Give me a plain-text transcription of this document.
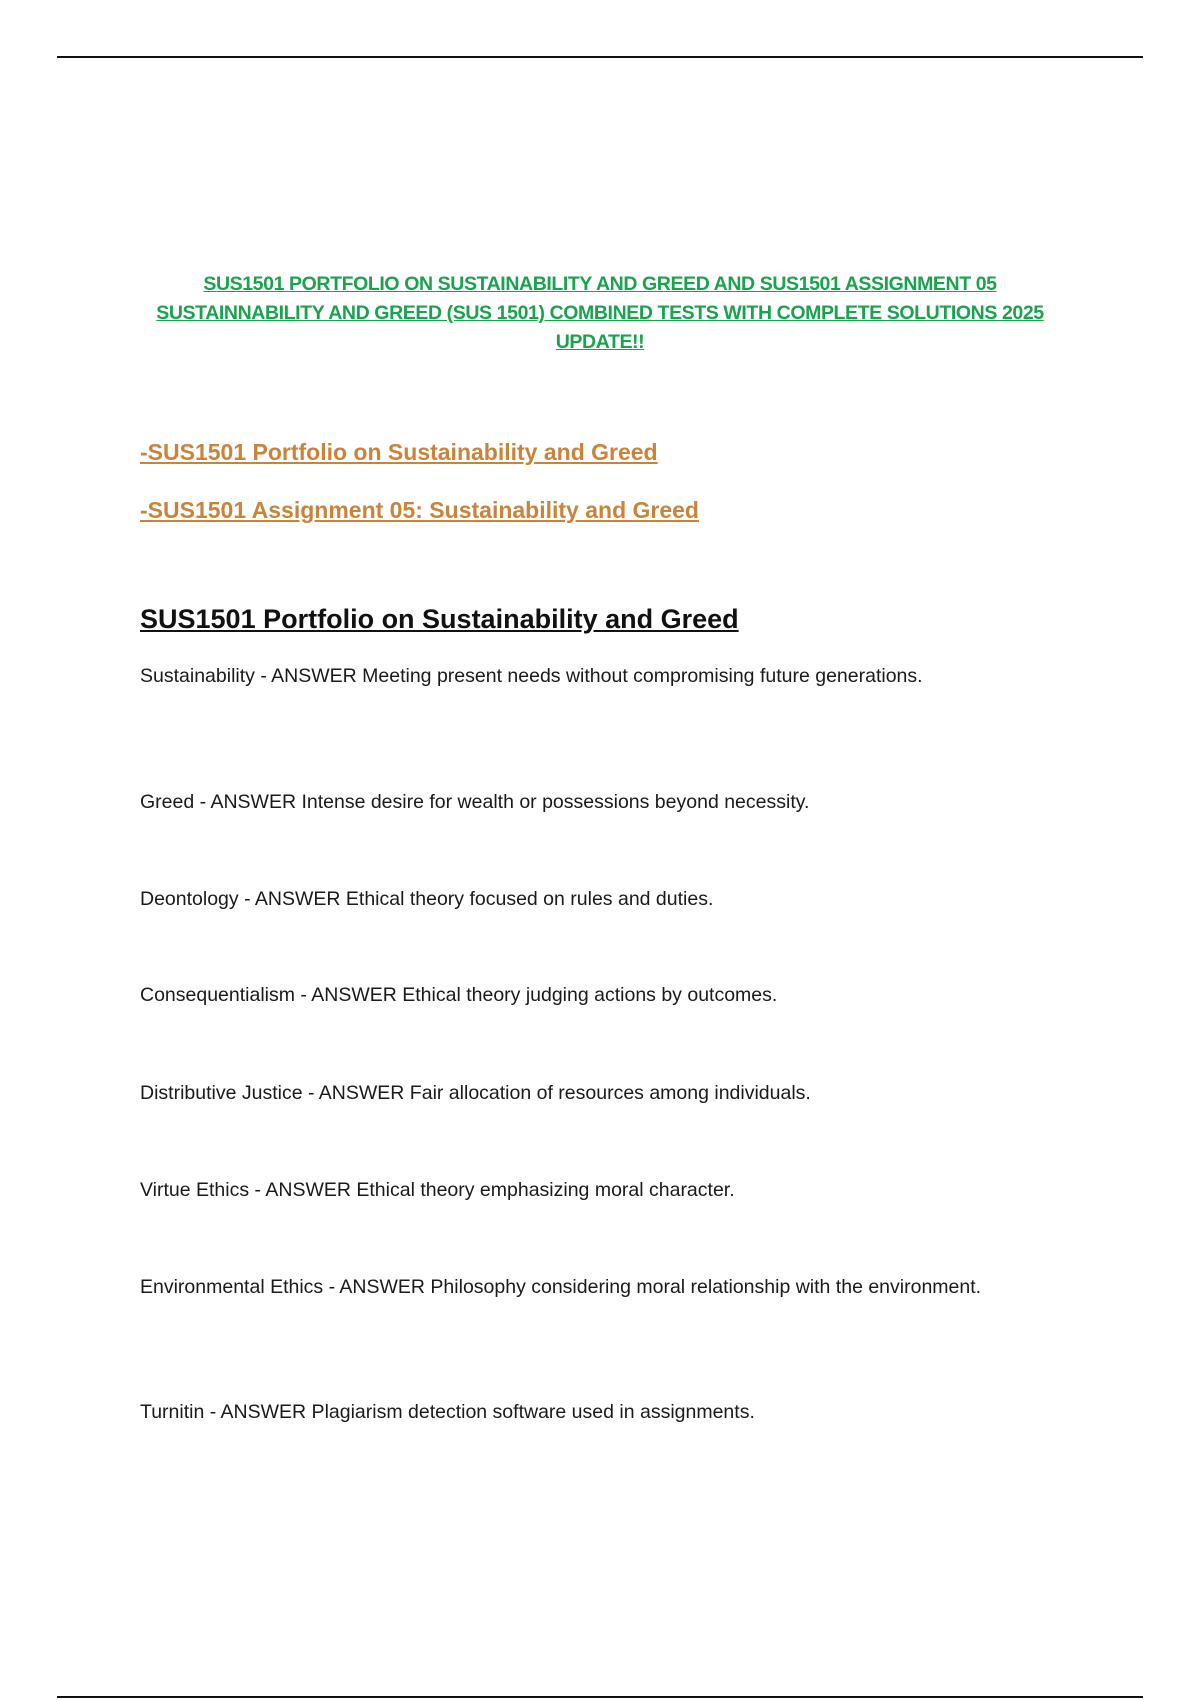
SUS1501 PORTFOLIO ON SUSTAINABILITY AND GREED AND SUS1501 ASSIGNMENT 05 SUSTAINNABILITY AND GREED (SUS 1501) COMBINED TESTS WITH COMPLETE SOLUTIONS 2025 UPDATE!!
-SUS1501 Portfolio on Sustainability and Greed
-SUS1501 Assignment 05: Sustainability and Greed
SUS1501 Portfolio on Sustainability and Greed
Sustainability - ANSWER Meeting present needs without compromising future generations.
Greed - ANSWER Intense desire for wealth or possessions beyond necessity.
Deontology - ANSWER Ethical theory focused on rules and duties.
Consequentialism - ANSWER Ethical theory judging actions by outcomes.
Distributive Justice - ANSWER Fair allocation of resources among individuals.
Virtue Ethics - ANSWER Ethical theory emphasizing moral character.
Environmental Ethics - ANSWER Philosophy considering moral relationship with the environment.
Turnitin - ANSWER Plagiarism detection software used in assignments.
